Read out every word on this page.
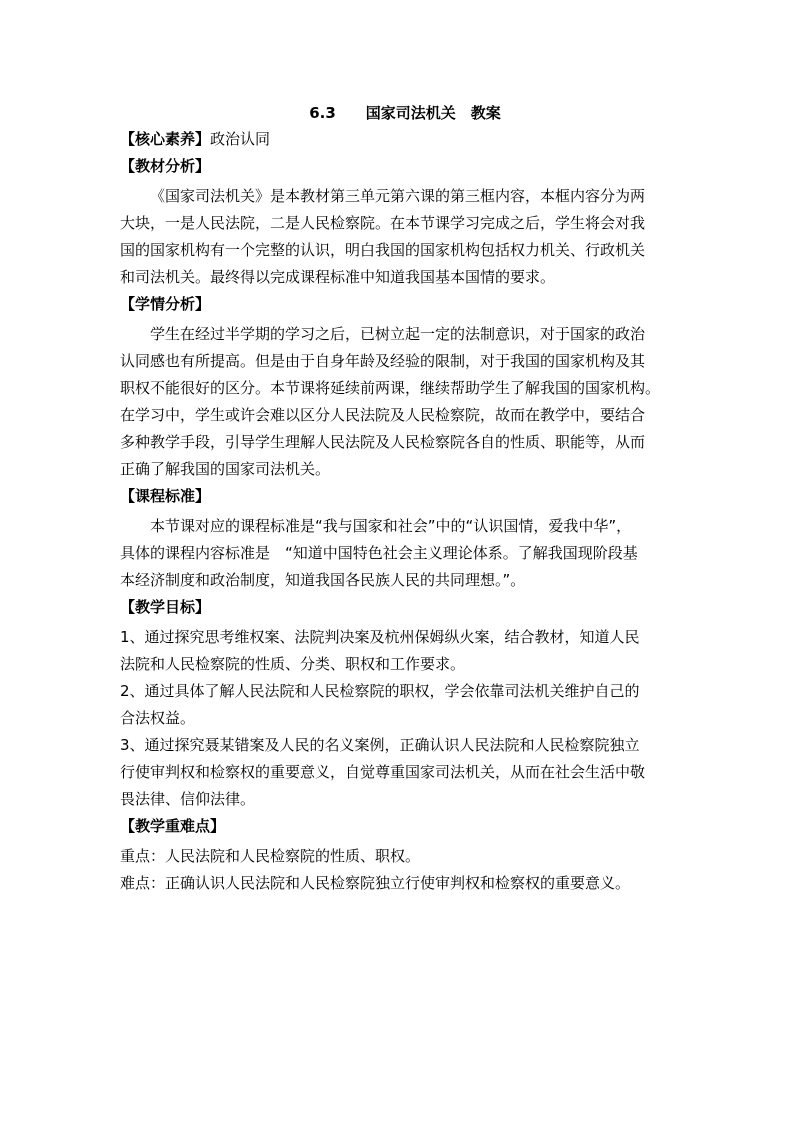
6.3 国家司法机关　教案
【核心素养】政治认同
【教材分析】
《国家司法机关》是本教材第三单元第六课的第三框内容，本框内容分为两
大块，一是人民法院，二是人民检察院。在本节课学习完成之后，学生将会对我
国的国家机构有一个完整的认识，明白我国的国家机构包括权力机关、行政机关
和司法机关。最终得以完成课程标准中知道我国基本国情的要求。
【学情分析】
学生在经过半学期的学习之后，已树立起一定的法制意识，对于国家的政治
认同感也有所提高。但是由于自身年龄及经验的限制，对于我国的国家机构及其
职权不能很好的区分。本节课将延续前两课，继续帮助学生了解我国的国家机构。
在学习中，学生或许会难以区分人民法院及人民检察院，故而在教学中，要结合
多种教学手段，引导学生理解人民法院及人民检察院各自的性质、职能等，从而
正确了解我国的国家司法机关。
【课程标准】
本节课对应的课程标准是“我与国家和社会”中的“认识国情，爱我中华”，
具体的课程内容标准是　“知道中国特色社会主义理论体系。了解我国现阶段基
本经济制度和政治制度，知道我国各民族人民的共同理想。”。
【教学目标】
1、通过探究思考维权案、法院判决案及杭州保姆纵火案，结合教材，知道人民
法院和人民检察院的性质、分类、职权和工作要求。
2、通过具体了解人民法院和人民检察院的职权，学会依靠司法机关维护自己的
合法权益。
3、通过探究聂某错案及人民的名义案例，正确认识人民法院和人民检察院独立
行使审判权和检察权的重要意义，自觉尊重国家司法机关，从而在社会生活中敬
畏法律、信仰法律。
【教学重难点】
重点：人民法院和人民检察院的性质、职权。
难点：正确认识人民法院和人民检察院独立行使审判权和检察权的重要意义。
